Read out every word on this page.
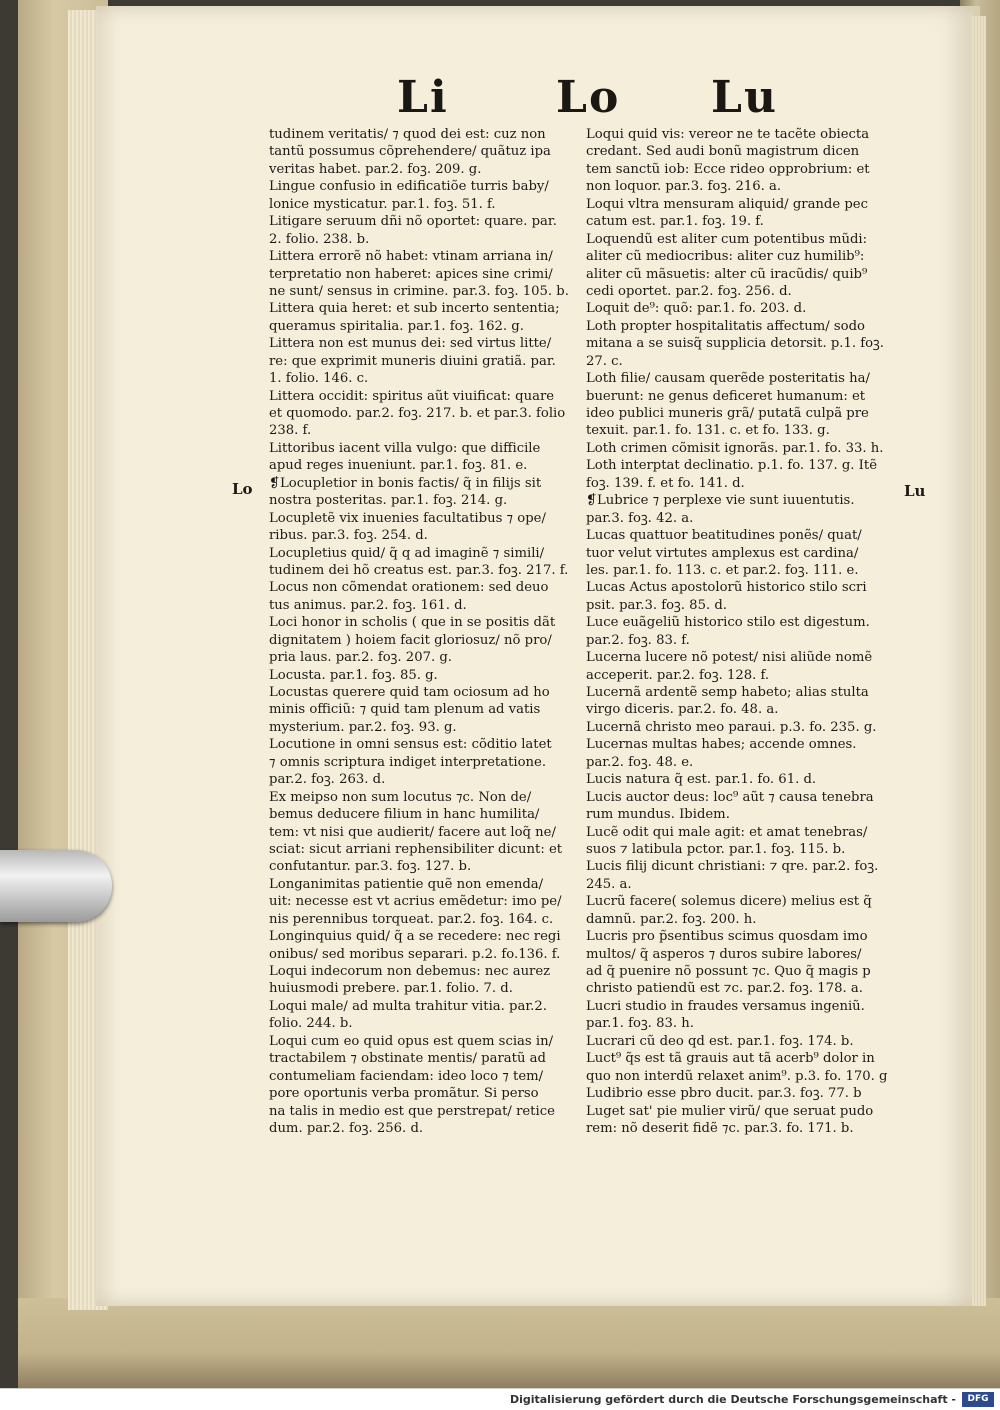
Li Lo Lu
Lo	Lu
tudinem veritatis/ ⁊ quod dei est: cuz non
tantũ possumus cõprehendere/ quãtuz ipa
veritas habet. par.2. foꝫ. 209. g.
Lingue confusio in edificatiõe turris baby/
lonice mysticatur. par.1. foꝫ. 51. f.
Litigare seruum dñi nõ oportet: quare. par.
2. folio. 238. b.
Littera errorẽ nõ habet: vtinam arriana in/
terpretatio non haberet: apices sine crimi/
ne sunt/ sensus in crimine. par.3. foꝫ. 105. b.
Littera quia heret: et sub incerto sententia;
queramus spiritalia. par.1. foꝫ. 162. g.
Littera non est munus dei: sed virtus litte/
re: que exprimit muneris diuini gratiã. par.
1. folio. 146. c.
Littera occidit: spiritus aũt viuificat: quare
et quomodo. par.2. foꝫ. 217. b. et par.3. folio
238. f.
Littoribus iacent villa vulgo: que difficile
apud reges inueniunt. par.1. foꝫ. 81. e.
❡Locupletior in bonis factis/ q̃ in filijs sit
nostra posteritas. par.1. foꝫ. 214. g.
Locupletẽ vix inuenies facultatibus ⁊ ope/
ribus. par.3. foꝫ. 254. d.
Locupletius quid/ q̃ q ad imaginẽ ⁊ simili/
tudinem dei hõ creatus est. par.3. foꝫ. 217. f.
Locus non cõmendat orationem: sed deuo
tus animus. par.2. foꝫ. 161. d.
Loci honor in scholis ( que in se positis dãt
dignitatem ) hoiem facit gloriosuz/ nõ pro/
pria laus. par.2. foꝫ. 207. g.
Locusta. par.1. foꝫ. 85. g.
Locustas querere quid tam ociosum ad ho
minis officiũ: ⁊ quid tam plenum ad vatis
mysterium. par.2. foꝫ. 93. g.
Locutione in omni sensus est: cõditio latet
⁊ omnis scriptura indiget interpretatione.
par.2. foꝫ. 263. d.
Ex meipso non sum locutus ⁊c. Non de/
bemus deducere filium in hanc humilita/
tem: vt nisi que audierit/ facere aut loq̃ ne/
sciat: sicut arriani rephensibiliter dicunt: et
confutantur. par.3. foꝫ. 127. b.
Longanimitas patientie quẽ non emenda/
uit: necesse est vt acrius emẽdetur: imo pe/
nis perennibus torqueat. par.2. foꝫ. 164. c.
Longinquius quid/ q̃ a se recedere: nec regi
onibus/ sed moribus separari. p.2. fo.136. f.
Loqui indecorum non debemus: nec aurez
huiusmodi prebere. par.1. folio. 7. d.
Loqui male/ ad multa trahitur vitia. par.2.
folio. 244. b.
Loqui cum eo quid opus est quem scias in/
tractabilem ⁊ obstinate mentis/ paratũ ad
contumeliam faciendam: ideo loco ⁊ tem/
pore oportunis verba promãtur. Si perso
na talis in medio est que perstrepat/ retice
dum. par.2. foꝫ. 256. d.
Loqui quid vis: vereor ne te tacẽte obiecta
credant. Sed audi bonũ magistrum dicen
tem sanctũ iob: Ecce rideo opprobrium: et
non loquor. par.3. foꝫ. 216. a.
Loqui vltra mensuram aliquid/ grande pec
catum est. par.1. foꝫ. 19. f.
Loquendũ est aliter cum potentibus mũdi:
aliter cũ mediocribus: aliter cuz humilib⁹:
aliter cũ mãsuetis: alter cũ iracũdis/ quib⁹
cedi oportet. par.2. foꝫ. 256. d.
Loquit de⁹: quõ: par.1. fo. 203. d.
Loth propter hospitalitatis affectum/ sodo
mitana a se suisq̃ supplicia detorsit. p.1. foꝫ.
27. c.
Loth filie/ causam querẽde posteritatis ha/
buerunt: ne genus deficeret humanum: et
ideo publici muneris grã/ putatã culpã pre
texuit. par.1. fo. 131. c. et fo. 133. g.
Loth crimen cõmisit ignorãs. par.1. fo. 33. h.
Loth interptat declinatio. p.1. fo. 137. g. Itẽ
foꝫ. 139. f. et fo. 141. d.
❡Lubrice ⁊ perplexe vie sunt iuuentutis.
par.3. foꝫ. 42. a.
Lucas quattuor beatitudines ponẽs/ quat/
tuor velut virtutes amplexus est cardina/
les. par.1. fo. 113. c. et par.2. foꝫ. 111. e.
Lucas Actus apostolorũ historico stilo scri
psit. par.3. foꝫ. 85. d.
Luce euãgeliũ historico stilo est digestum.
par.2. foꝫ. 83. f.
Lucerna lucere nõ potest/ nisi aliũde nomẽ
acceperit. par.2. foꝫ. 128. f.
Lucernã ardentẽ semp habeto; alias stulta
virgo diceris. par.2. fo. 48. a.
Lucernã christo meo paraui. p.3. fo. 235. g.
Lucernas multas habes; accende omnes.
par.2. foꝫ. 48. e.
Lucis natura q̃ est. par.1. fo. 61. d.
Lucis auctor deus: loc⁹ aũt ⁊ causa tenebra
rum mundus. Ibidem.
Lucẽ odit qui male agit: et amat tenebras/
suos ⁊ latibula pctor. par.1. foꝫ. 115. b.
Lucis filij dicunt christiani: ⁊ qre. par.2. foꝫ.
245. a.
Lucrũ facere( solemus dicere) melius est q̃
damnũ. par.2. foꝫ. 200. h.
Lucris pro p̃sentibus scimus quosdam imo
multos/ q̃ asperos ⁊ duros subire labores/
ad q̃ puenire nõ possunt ⁊c. Quo q̃ magis p
christo patiendũ est ⁊c. par.2. foꝫ. 178. a.
Lucri studio in fraudes versamus ingeniũ.
par.1. foꝫ. 83. h.
Lucrari cũ deo qd est. par.1. foꝫ. 174. b.
Luct⁹ q̃s est tã grauis aut tã acerb⁹ dolor in
quo non interdũ relaxet anim⁹. p.3. fo. 170. g
Ludibrio esse pbro ducit. par.3. foꝫ. 77. b
Luget sat' pie mulier virũ/ que seruat pudo
rem: nõ deserit fidẽ ⁊c. par.3. fo. 171. b.
Digitalisierung gefördert durch die Deutsche Forschungsgemeinschaft -	DFG
